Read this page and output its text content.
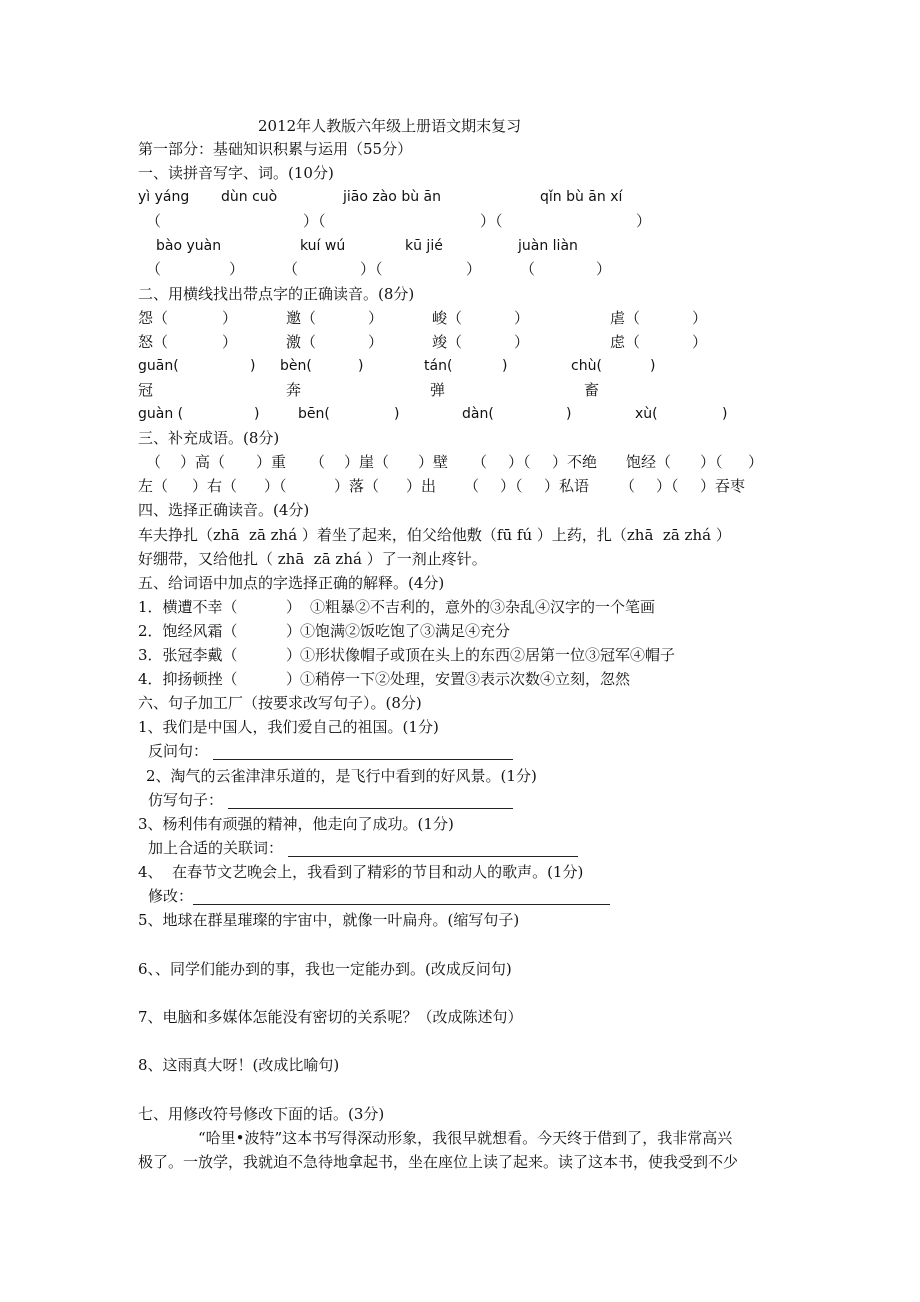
2012年人教版六年级上册语文期末复习
第一部分：基础知识积累与运用（55分）
一、读拼音写字、词。(10分)
yì yáng dùn cuò	jiāo zào bù ān	qǐn bù ān xí
（	）（	）（	）
bào yuàn	kuí wú	kū jié	juàn liàn
（	）	（	）（	）	（	）
二、用横线找出带点字的正确读音。(8分)
怨（	）	邀（	）	峻（	）	虐（	）
怒（	）	激（	）	竣（	）	虑（	）
guān(	) bèn(	)	tán(	)	chù(	)
冠	奔	弹	畜
guàn (	)	bēn(	)	dàn(	)	xù(	)
三、补充成语。(8分)
（ ）高（ ）重 （ ）崖（ ）壁 （ ）（ ）不绝 饱经（ ）（ ）
左（ ）右（ ）（	）落（ ）出 （ ）（ ）私语 （ ）（ ）吞枣
四、选择正确读音。(4分)
车夫挣扎（zhā  zā zhá ）着坐了起来，伯父给他敷（fū fú ）上药，扎（zhā  zā zhá ）
好绷带，又给他扎（ zhā  zā zhá ）了一剂止疼针。
五、给词语中加点的字选择正确的解释。(4分)
1．横遭不幸（	） ①粗暴②不吉利的，意外的③杂乱④汉字的一个笔画
2．饱经风霜（	）
①饱满②饭吃饱了③满足④充分
3．张冠李戴（	）
①形状像帽子或顶在头上的东西②居第一位③冠军④帽子
4．抑扬顿挫（	）
①稍停一下②处理，安置③表示次数④立刻，忽然
六、句子加工厂（按要求改写句子）。(8分)
1、我们是中国人，我们爱自己的祖国。(1分)
反问句：
2、淘气的云雀津津乐道的，是飞行中看到的好风景。(1分)
仿写句子：
3、杨利伟有顽强的精神，他走向了成功。(1分)
加上合适的关联词：
4、  在春节文艺晚会上，我看到了精彩的节目和动人的歌声。(1分)
修改：
5、地球在群星璀璨的宇宙中，就像一叶扁舟。(缩写句子)
6、、同学们能办到的事，我也一定能办到。(改成反问句)
7、电脑和多媒体怎能没有密切的关系呢？（改成陈述句）
8、这雨真大呀！(改成比喻句)
七、用修改符号修改下面的话。(3分)
“哈里•波特”这本书写得深动形象，我很早就想看。今天终于借到了，我非常高兴
极了。一放学，我就迫不急待地拿起书，坐在座位上读了起来。读了这本书，使我受到不少
